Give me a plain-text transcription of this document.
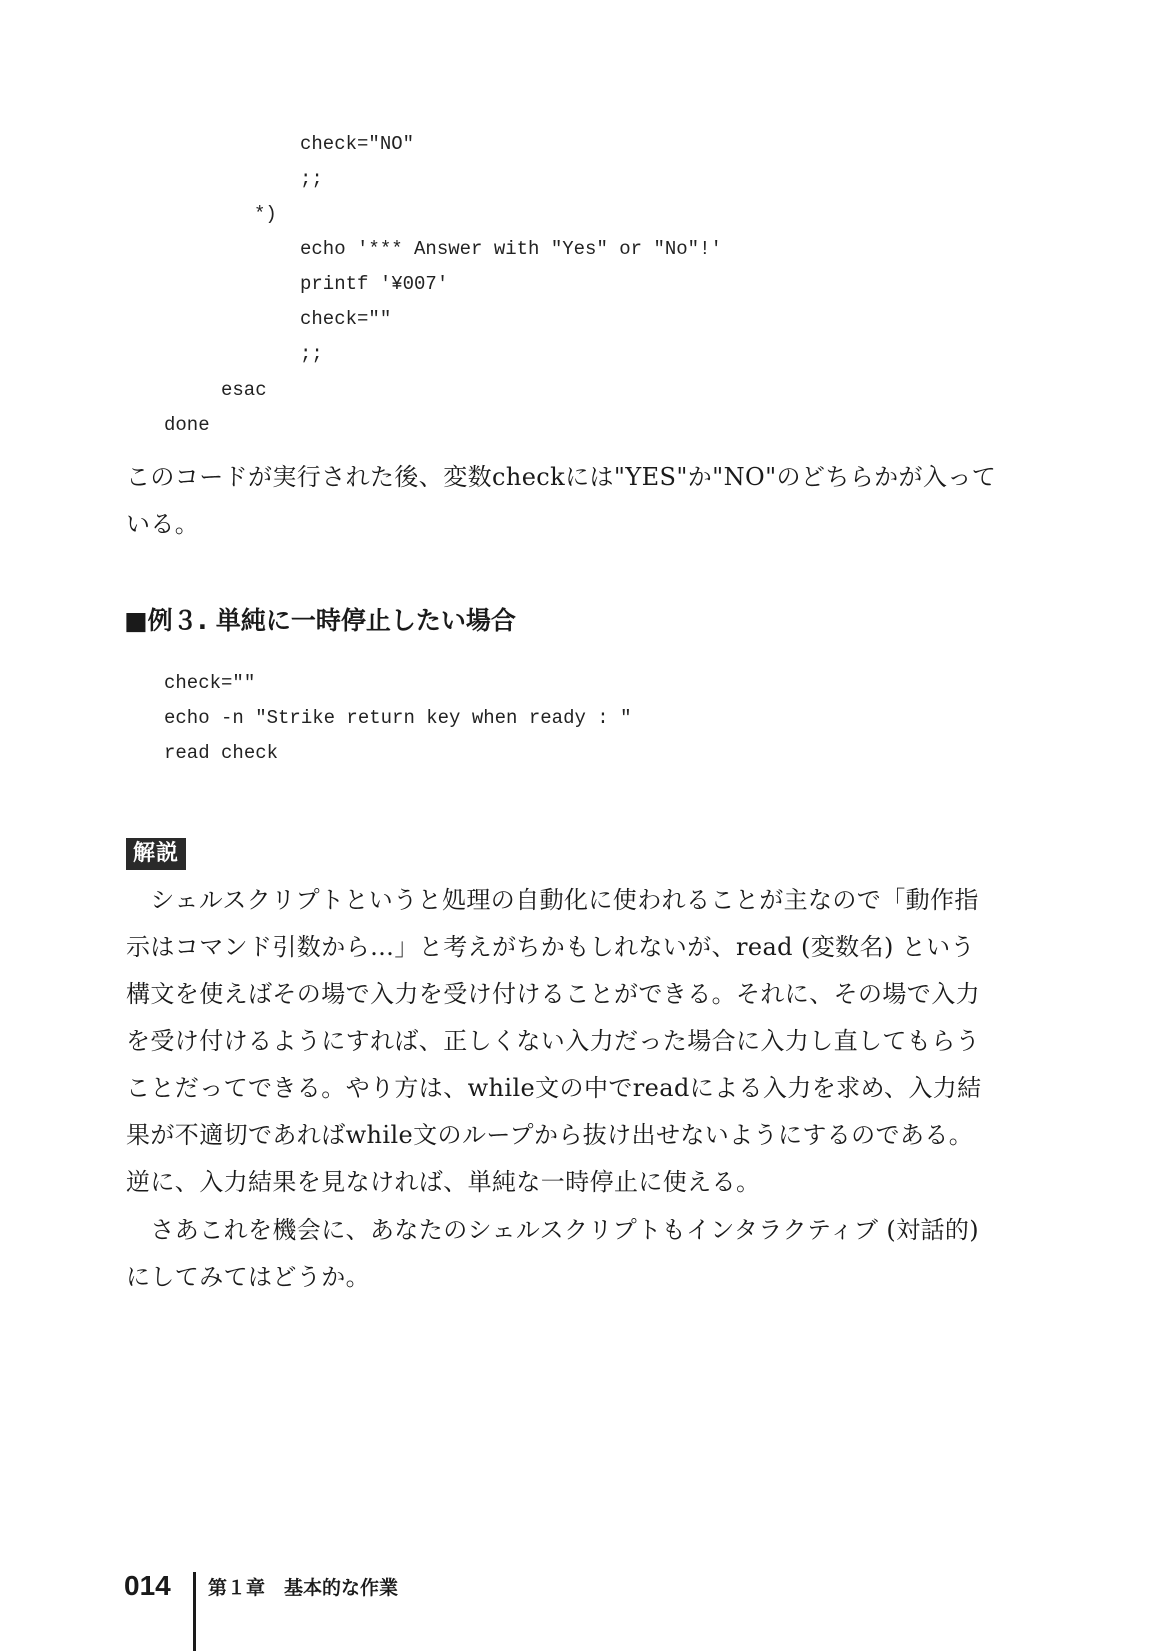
check="NO"
;;
*)
echo '*** Answer with "Yes" or "No"!'
printf '¥007'
check=""
;;
esac
done
このコードが実行された後、変数checkには"YES"か"NO"のどちらかが入って
いる。
■例３. 単純に一時停止したい場合
check=""
echo -n "Strike return key when ready : "
read check
解説
　シェルスクリプトというと処理の自動化に使われることが主なので「動作指
示はコマンド引数から…」と考えがちかもしれないが、read (変数名) という
構文を使えばその場で入力を受け付けることができる。それに、その場で入力
を受け付けるようにすれば、正しくない入力だった場合に入力し直してもらう
ことだってできる。やり方は、while文の中でreadによる入力を求め、入力結
果が不適切であればwhile文のループから抜け出せないようにするのである。
逆に、入力結果を見なければ、単純な一時停止に使える。
　さあこれを機会に、あなたのシェルスクリプトもインタラクティブ (対話的)
にしてみてはどうか。
014 第１章　基本的な作業
